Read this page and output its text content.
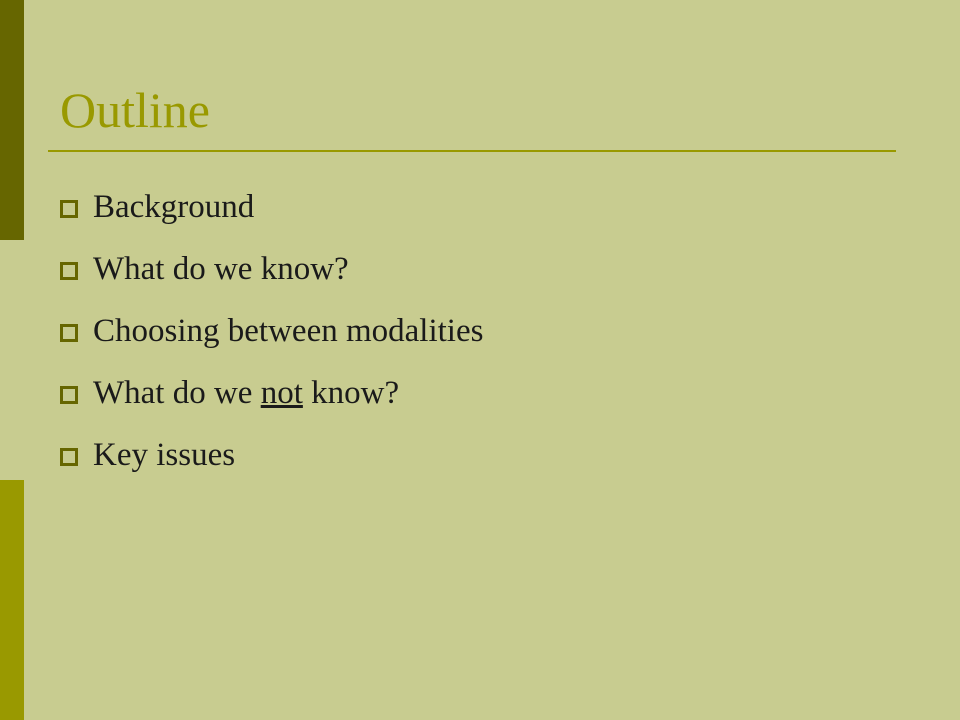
Outline
Background
What do we know?
Choosing between modalities
What do we not know?
Key issues
